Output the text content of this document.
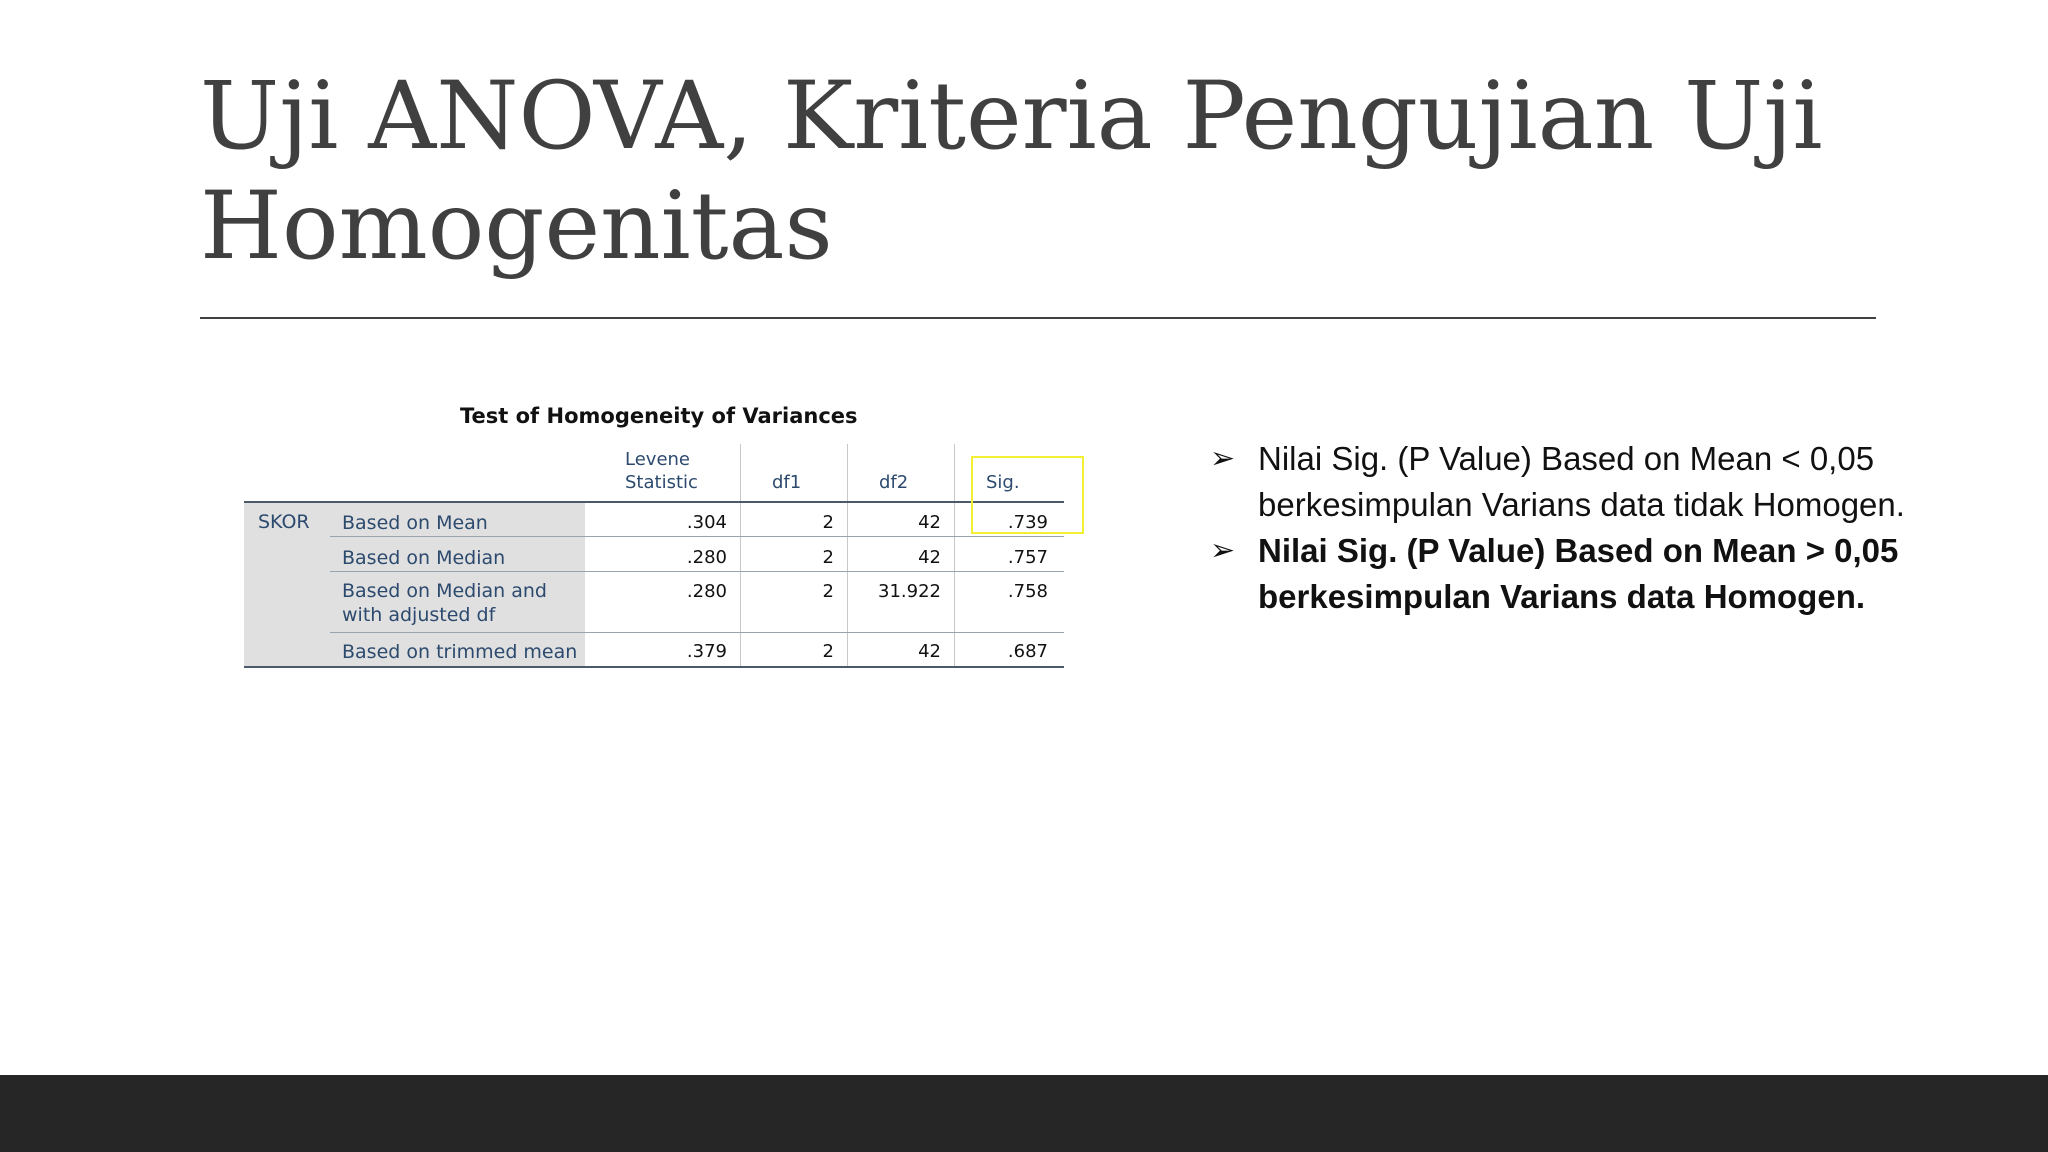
Uji ANOVA, Kriteria Pengujian Uji
Homogenitas
Test of Homogeneity of Variances
Levene
Statistic	df1	df2	Sig.
SKOR Based on Mean	.304	2	42	.739
Based on Median	.280	2	42	.757
Based on Median and
with adjusted df
.280	2	31.922	.758
Based on trimmed mean	.379	2	42	.687
➢ Nilai Sig. (P Value) Based on Mean < 0,05 berkesimpulan Varians data tidak Homogen.
➢ Nilai Sig. (P Value) Based on Mean > 0,05 berkesimpulan Varians data Homogen.
